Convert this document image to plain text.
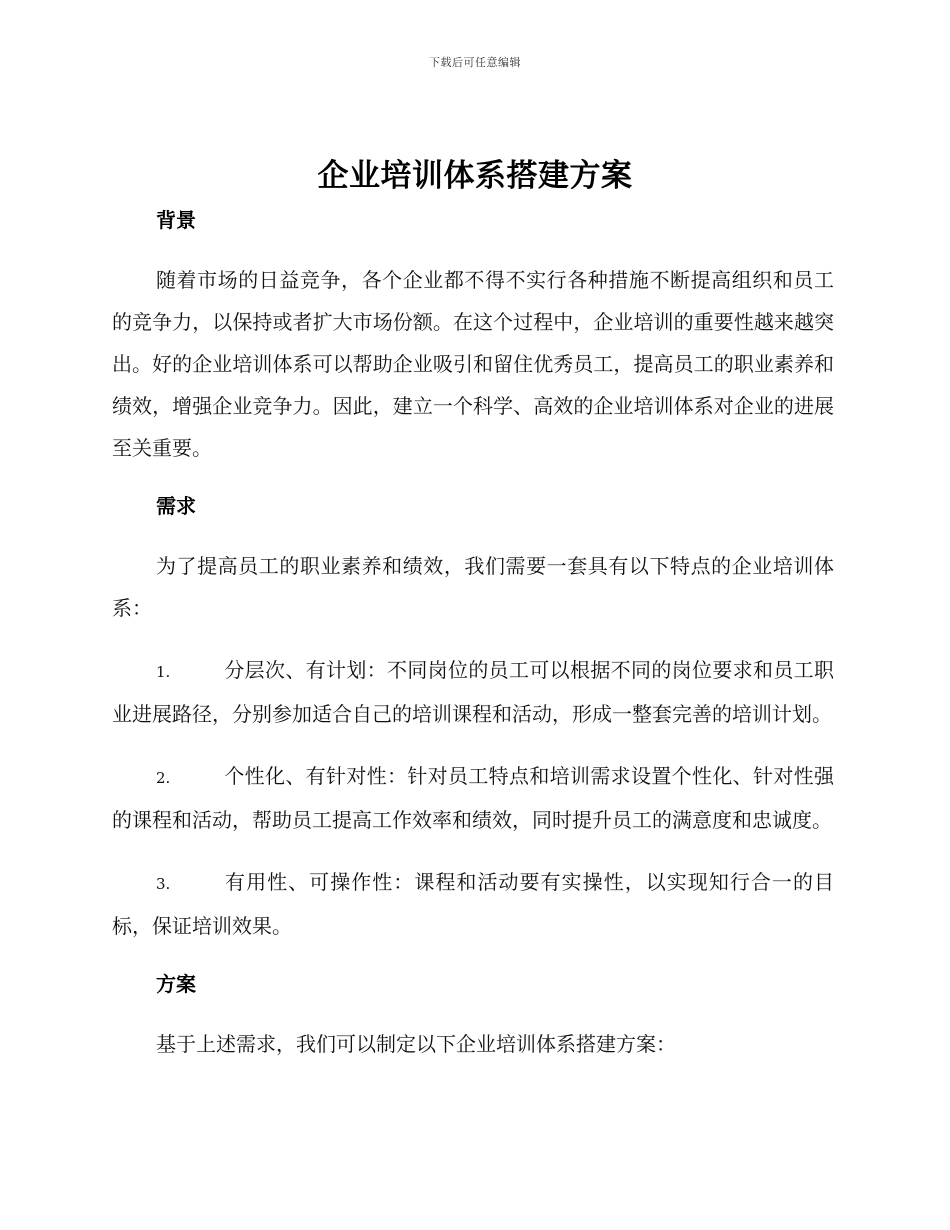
下载后可任意编辑
企业培训体系搭建方案
背景

随着市场的日益竞争，各个企业都不得不实行各种措施不断提高组织和员工的竞争力，以保持或者扩大市场份额。在这个过程中，企业培训的重要性越来越突出。好的企业培训体系可以帮助企业吸引和留住优秀员工，提高员工的职业素养和绩效，增强企业竞争力。因此，建立一个科学、高效的企业培训体系对企业的进展至关重要。

需求

为了提高员工的职业素养和绩效，我们需要一套具有以下特点的企业培训体系：

1.	分层次、有计划：不同岗位的员工可以根据不同的岗位要求和员工职业进展路径，分别参加适合自己的培训课程和活动，形成一整套完善的培训计划。

2.	个性化、有针对性：针对员工特点和培训需求设置个性化、针对性强的课程和活动，帮助员工提高工作效率和绩效，同时提升员工的满意度和忠诚度。

3.	有用性、可操作性：课程和活动要有实操性，以实现知行合一的目标，保证培训效果。

方案

基于上述需求，我们可以制定以下企业培训体系搭建方案：
